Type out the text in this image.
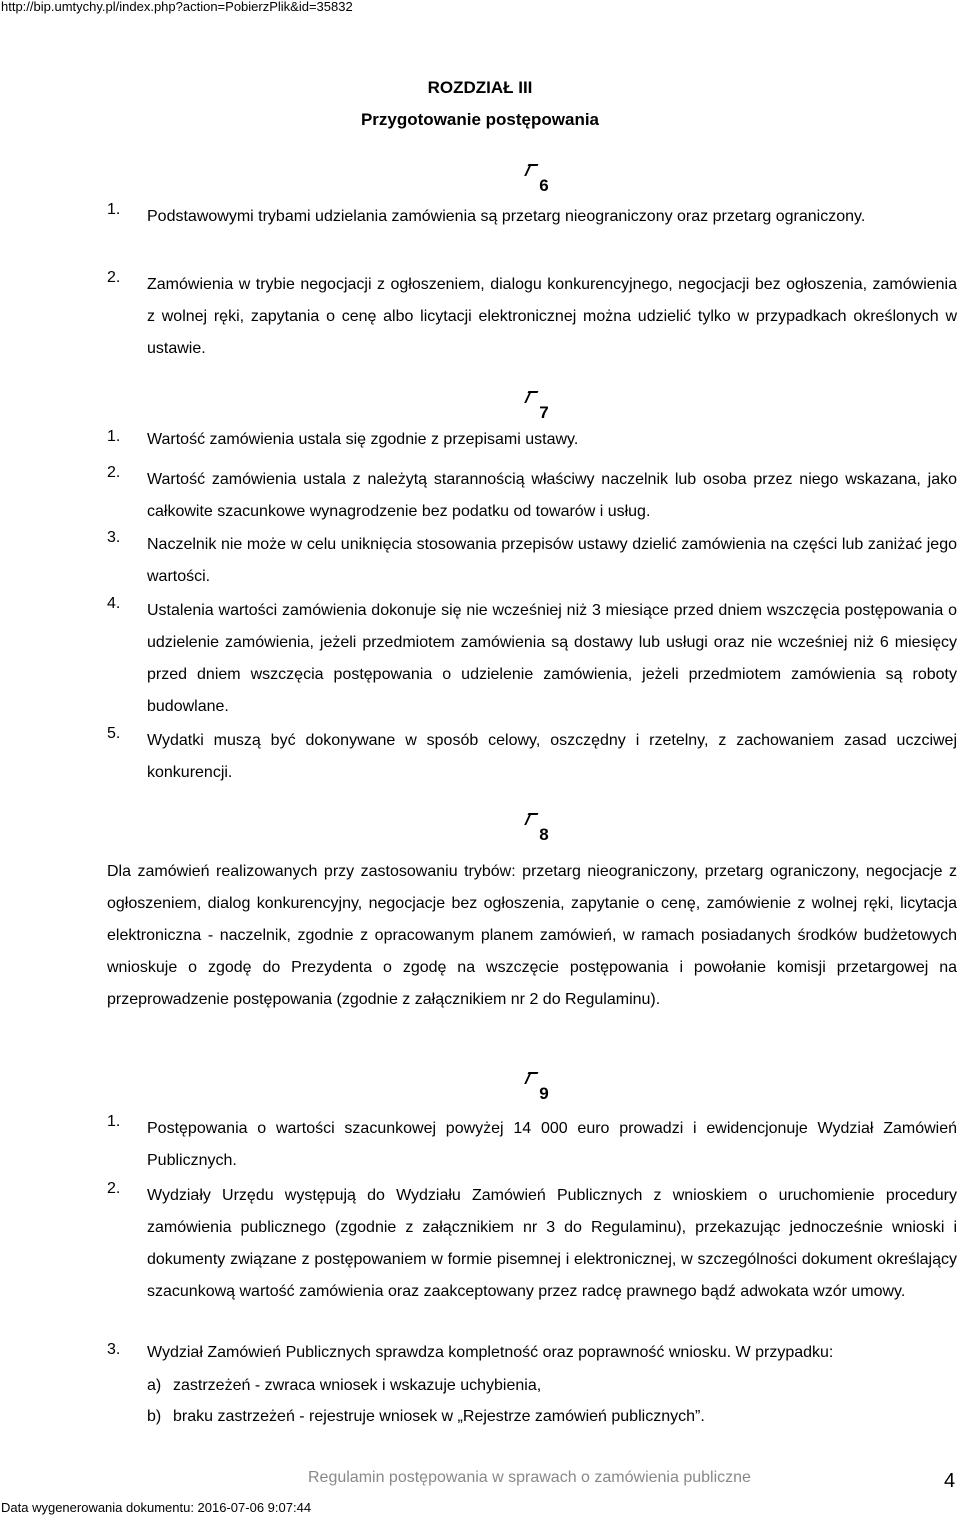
http://bip.umtychy.pl/index.php?action=PobierzPlik&id=35832
ROZDZIAŁ III
Przygotowanie postępowania
6
1. Podstawowymi trybami udzielania zamówienia są przetarg nieograniczony oraz przetarg ograniczony.
2. Zamówienia w trybie negocjacji z ogłoszeniem, dialogu konkurencyjnego, negocjacji bez ogłoszenia, zamówienia z wolnej ręki, zapytania o cenę albo licytacji elektronicznej można udzielić tylko w przypadkach określonych w ustawie.
7
1. Wartość zamówienia ustala się zgodnie z przepisami ustawy.
2. Wartość zamówienia ustala z należytą starannością właściwy naczelnik lub osoba przez niego wskazana, jako całkowite szacunkowe wynagrodzenie bez podatku od towarów i usług.
3. Naczelnik nie może w celu uniknięcia stosowania przepisów ustawy dzielić zamówienia na części lub zaniżać jego wartości.
4. Ustalenia wartości zamówienia dokonuje się nie wcześniej niż 3 miesiące przed dniem wszczęcia postępowania o udzielenie zamówienia, jeżeli przedmiotem zamówienia są dostawy lub usługi oraz nie wcześniej niż 6 miesięcy przed dniem wszczęcia postępowania o udzielenie zamówienia, jeżeli przedmiotem zamówienia są roboty budowlane.
5. Wydatki muszą być dokonywane w sposób celowy, oszczędny i rzetelny, z zachowaniem zasad uczciwej konkurencji.
8
Dla zamówień realizowanych przy zastosowaniu trybów: przetarg nieograniczony, przetarg ograniczony, negocjacje z ogłoszeniem, dialog konkurencyjny, negocjacje bez ogłoszenia, zapytanie o cenę, zamówienie z wolnej ręki, licytacja elektroniczna - naczelnik, zgodnie z opracowanym planem zamówień, w ramach posiadanych środków budżetowych wnioskuje o zgodę do Prezydenta o zgodę na wszczęcie postępowania i powołanie komisji przetargowej na przeprowadzenie postępowania (zgodnie z załącznikiem nr 2 do Regulaminu).
9
1. Postępowania o wartości szacunkowej powyżej 14 000 euro prowadzi i ewidencjonuje Wydział Zamówień Publicznych.
2. Wydziały Urzędu występują do Wydziału Zamówień Publicznych z wnioskiem o uruchomienie procedury zamówienia publicznego (zgodnie z załącznikiem nr 3 do Regulaminu), przekazując jednocześnie wnioski i dokumenty związane z postępowaniem w formie pisemnej i elektronicznej, w szczególności dokument określający szacunkową wartość zamówienia oraz zaakceptowany przez radcę prawnego bądź adwokata wzór umowy.
3. Wydział Zamówień Publicznych sprawdza kompletność oraz poprawność wniosku. W przypadku:
a) zastrzeżeń - zwraca wniosek i wskazuje uchybienia,
b) braku zastrzeżeń - rejestruje wniosek w „Rejestrze zamówień publicznych”.
Regulamin postępowania w sprawach o zamówienia publiczne	4
Data wygenerowania dokumentu: 2016-07-06 9:07:44
